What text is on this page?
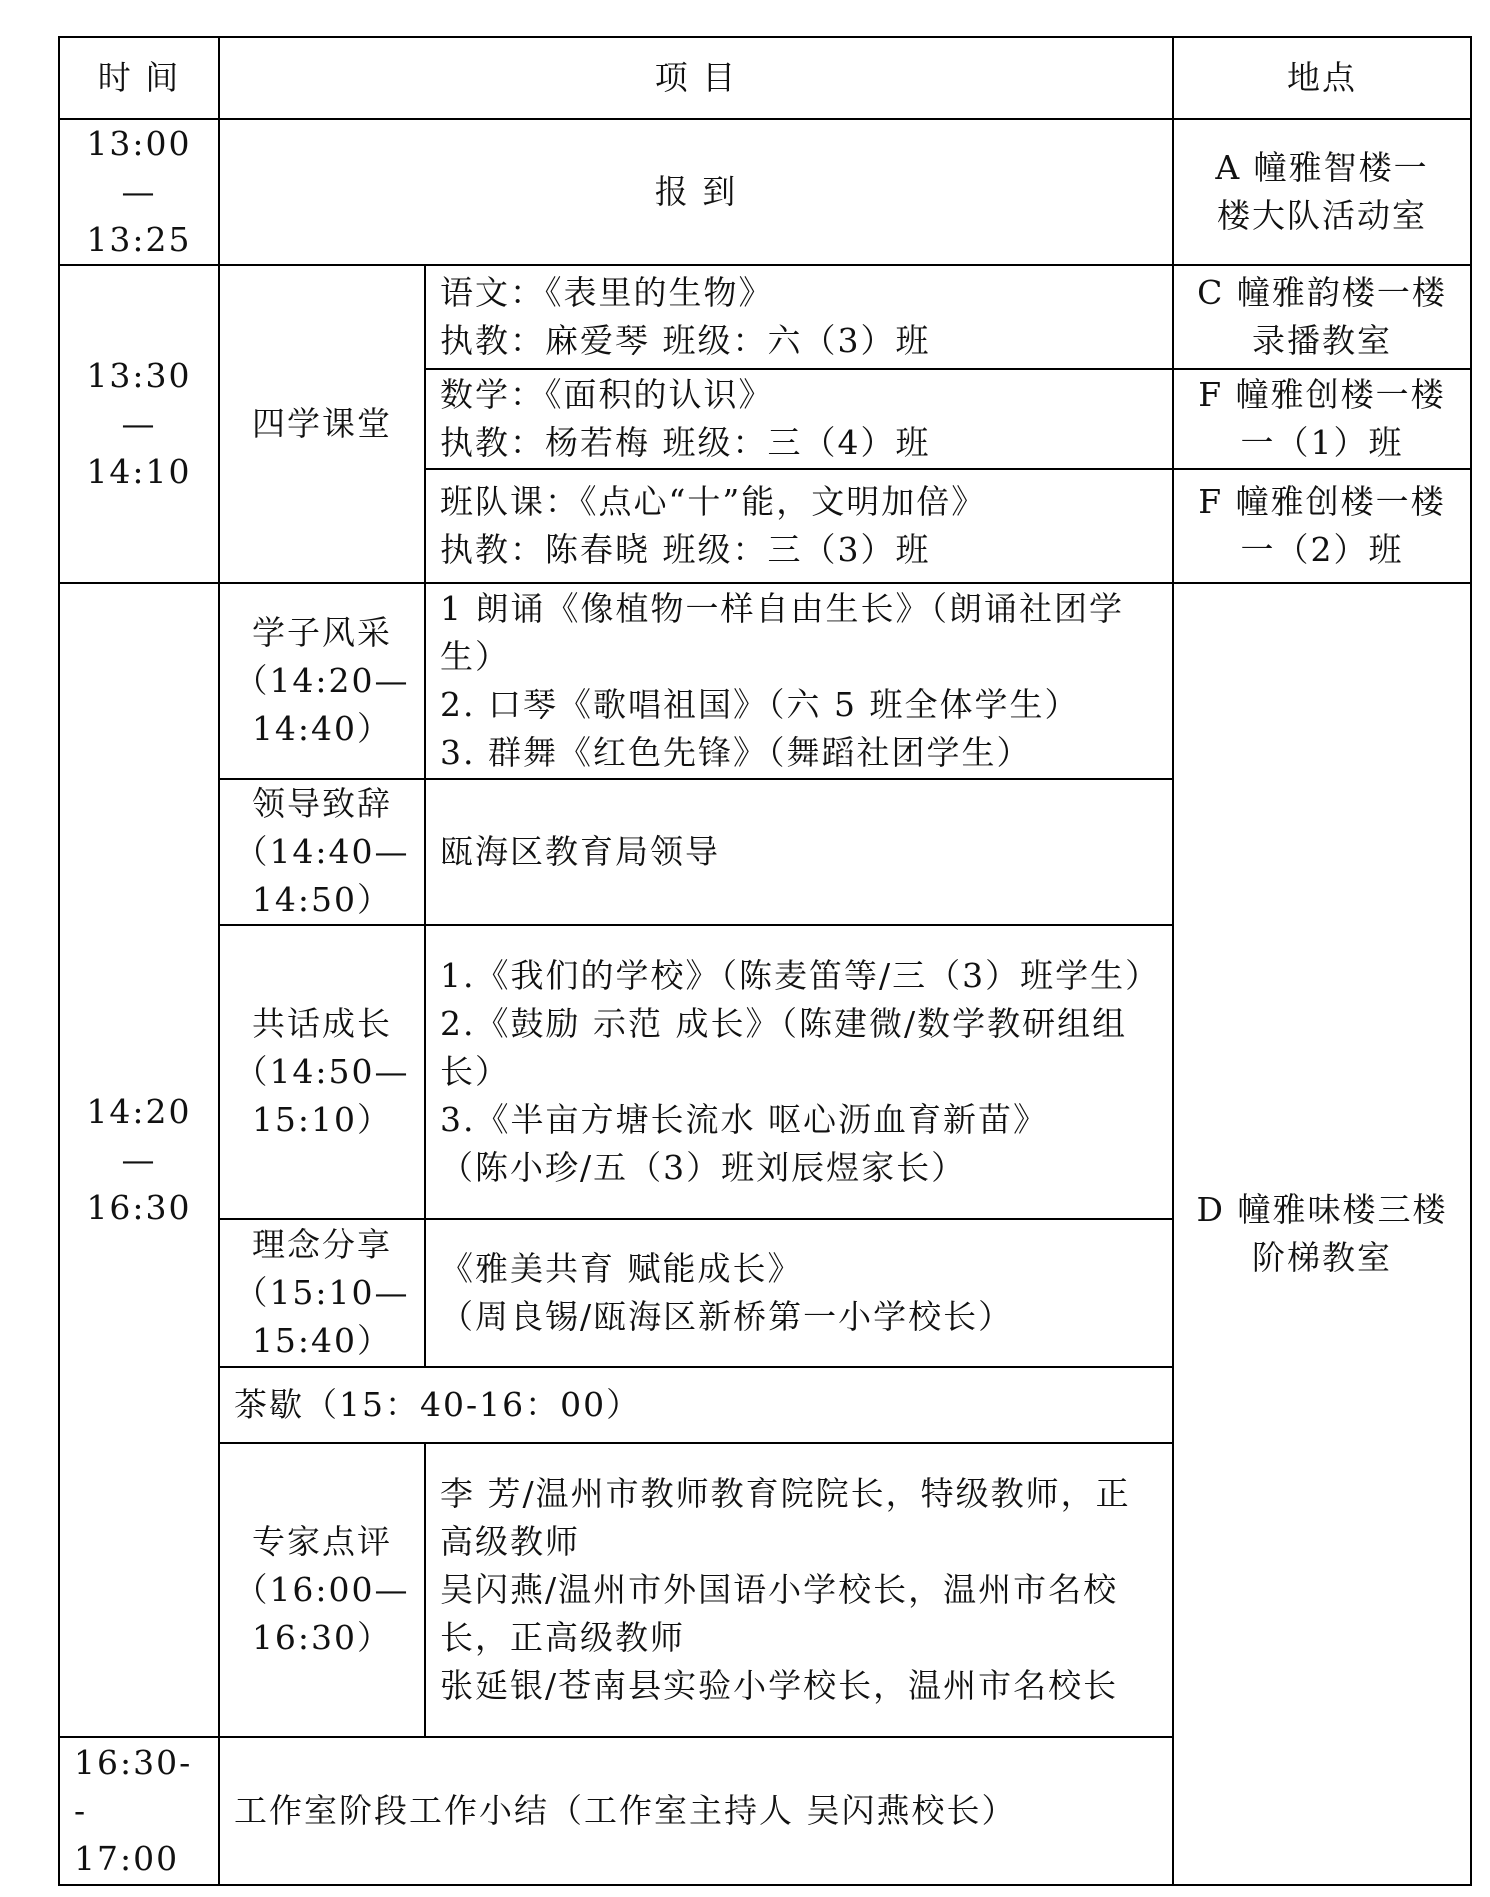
时 间	项 目		地点

13:00
—
13:25	报 到		A 幢雅智楼一
楼大队活动室

13:30
—
14:10	四学课堂	语文：《表里的生物》
执教：麻爱琴 班级：六（3）班	C 幢雅韵楼一楼
录播教室

		数学：《面积的认识》
执教：杨若梅 班级：三（4）班	F 幢雅创楼一楼
一（1）班

		班队课：《点心“十”能，文明加倍》
执教：陈春晓 班级：三（3）班	F 幢雅创楼一楼
一（2）班

14:20
—
16:30	学子风采
（14:20—
14:40）	1 朗诵《像植物一样自由生长》（朗诵社团学生）
2. 口琴《歌唱祖国》（六 5 班全体学生）
3. 群舞《红色先锋》（舞蹈社团学生）	D 幢雅味楼三楼
阶梯教室

	领导致辞
（14:40—
14:50）	瓯海区教育局领导	

	共话成长
（14:50—
15:10）	1.《我们的学校》（陈麦笛等/三（3）班学生）
2.《鼓励 示范 成长》（陈建微/数学教研组组长）
3.《半亩方塘长流水 呕心沥血育新苗》
（陈小珍/五（3）班刘辰煜家长）	

	理念分享
（15:10—
15:40）	《雅美共育 赋能成长》
（周良锡/瓯海区新桥第一小学校长）	

	茶歇（15：40-16：00）		

	专家点评
（16:00—
16:30）	李 芳/温州市教师教育院院长，特级教师，正高级教师
吴闪燕/温州市外国语小学校长，温州市名校长，正高级教师
张延银/苍南县实验小学校长，温州市名校长	

16:30-
-
17:00	工作室阶段工作小结（工作室主持人 吴闪燕校长）		
